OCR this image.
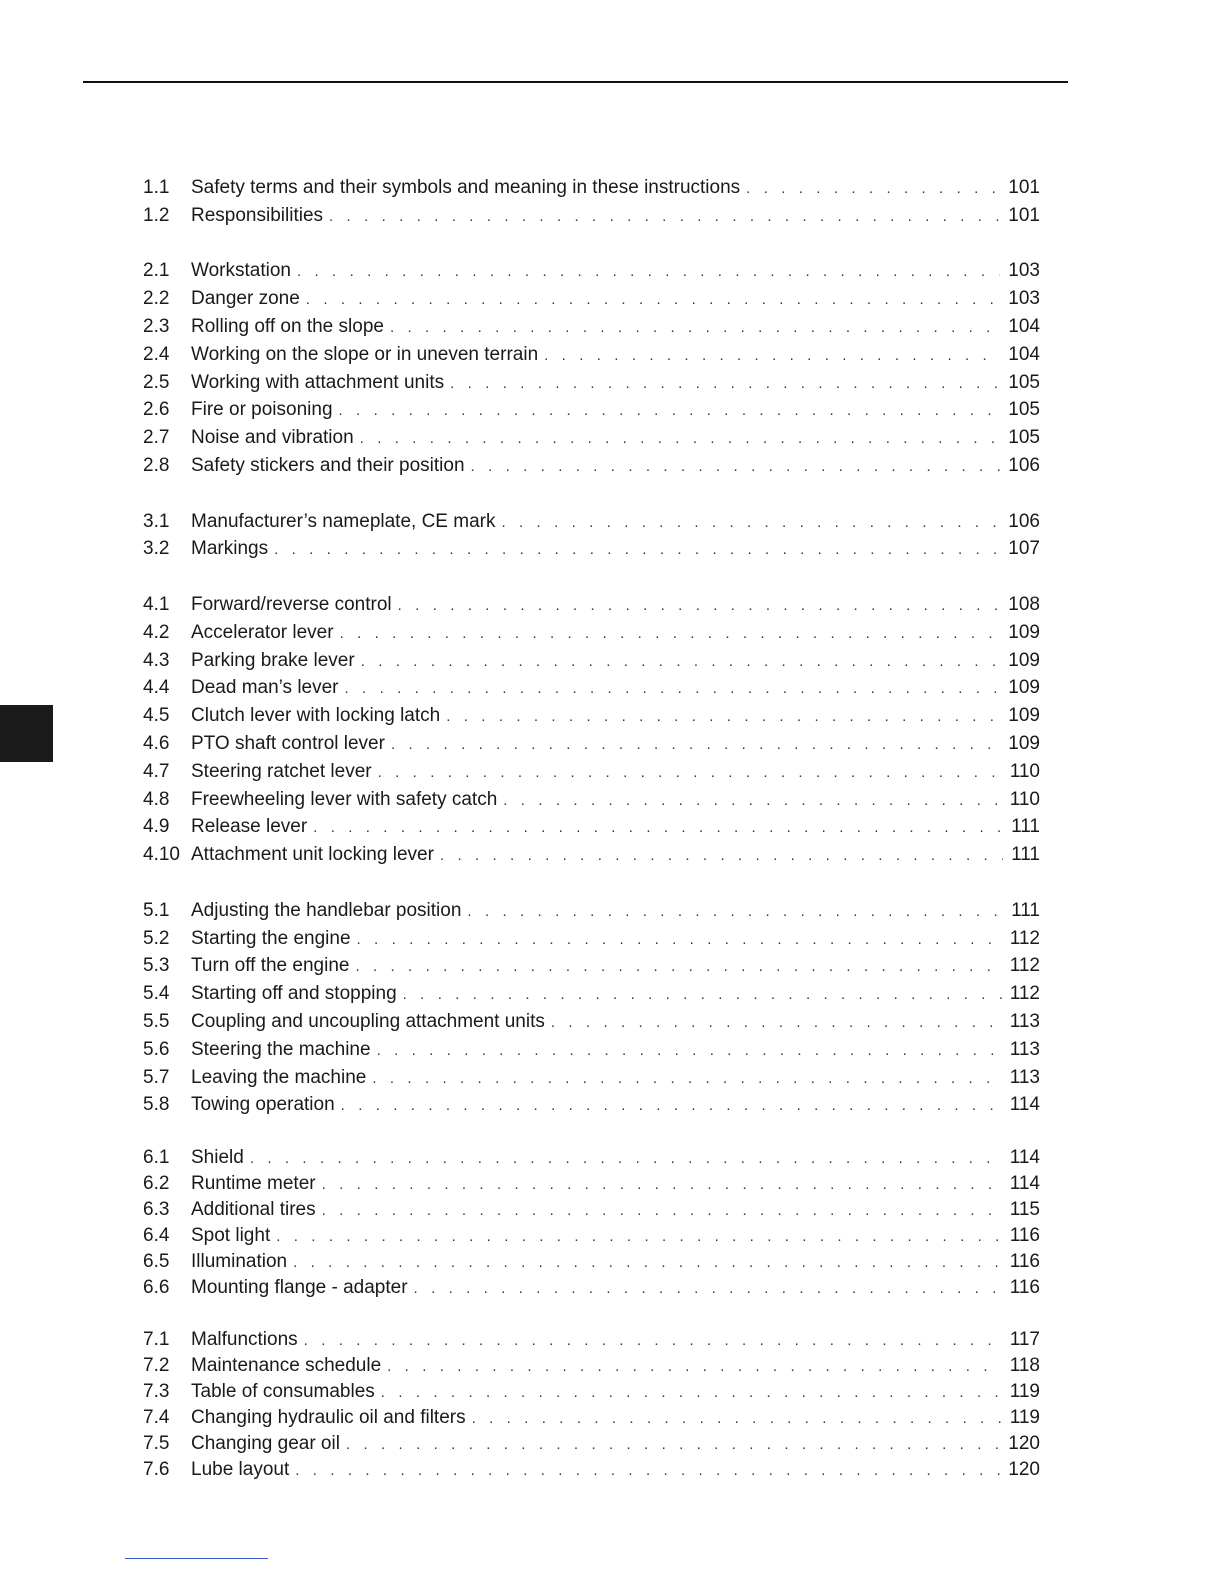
1.1	Safety terms and their symbols and meaning in these instructions . . .	101
1.2	Responsibilities . . .	101
2.1	Workstation . . .	103
2.2	Danger zone . . .	103
2.3	Rolling off on the slope . . .	104
2.4	Working on the slope or in uneven terrain . . .	104
2.5	Working with attachment units . . .	105
2.6	Fire or poisoning . . .	105
2.7	Noise and vibration . . .	105
2.8	Safety stickers and their position . . .	106
3.1	Manufacturer’s nameplate, CE mark . . .	106
3.2	Markings . . .	107
4.1	Forward/reverse control . . .	108
4.2	Accelerator lever . . .	109
4.3	Parking brake lever . . .	109
4.4	Dead man’s lever . . .	109
4.5	Clutch lever with locking latch . . .	109
4.6	PTO shaft control lever . . .	109
4.7	Steering ratchet lever . . .	110
4.8	Freewheeling lever with safety catch . . .	110
4.9	Release lever . . .	111
4.10 Attachment unit locking lever . . .	111
5.1	Adjusting the handlebar position . . .	111
5.2	Starting the engine . . .	112
5.3	Turn off the engine . . .	112
5.4	Starting off and stopping . . .	112
5.5	Coupling and uncoupling attachment units . . .	113
5.6	Steering the machine . . .	113
5.7	Leaving the machine . . .	113
5.8	Towing operation . . .	114
6.1	Shield . . .	114
6.2	Runtime meter . . .	114
6.3	Additional tires . . .	115
6.4	Spot light . . .	116
6.5	Illumination . . .	116
6.6	Mounting flange - adapter . . .	116
7.1	Malfunctions . . .	117
7.2	Maintenance schedule . . .	118
7.3	Table of consumables . . .	119
7.4	Changing hydraulic oil and filters . . .	119
7.5	Changing gear oil . . .	120
7.6	Lube layout . . .	120
